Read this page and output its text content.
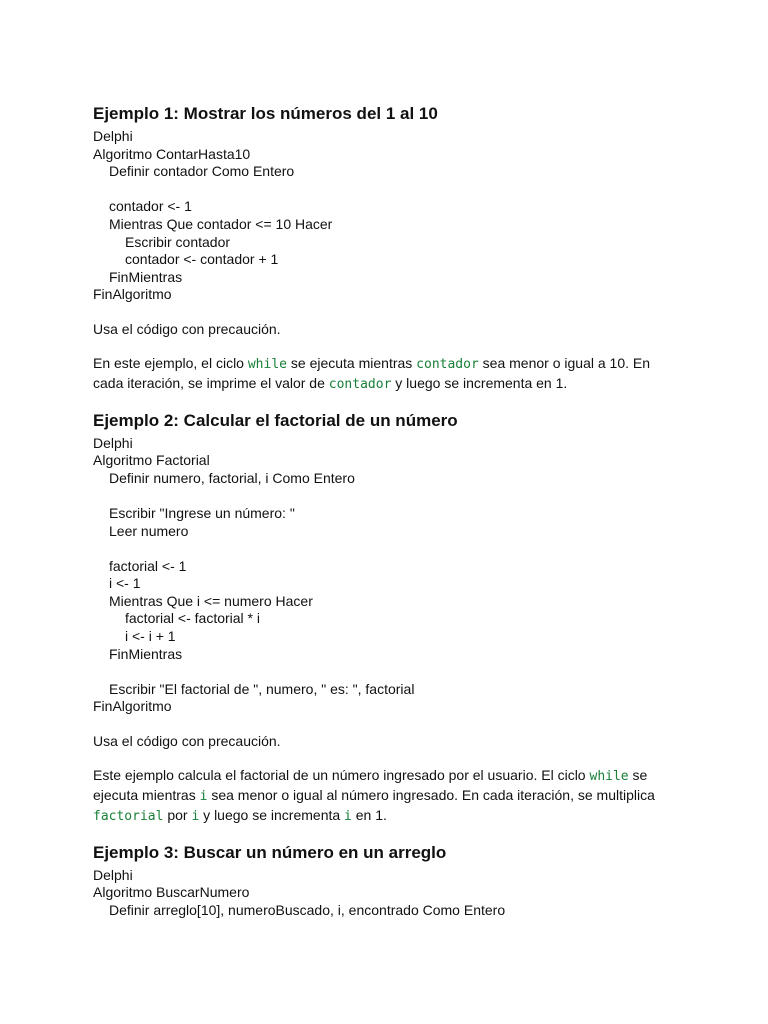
Ejemplo 1: Mostrar los números del 1 al 10
Delphi
Algoritmo ContarHasta10
Definir contador Como Entero
contador <- 1
Mientras Que contador <= 10 Hacer
Escribir contador
contador <- contador + 1
FinMientras
FinAlgoritmo
Usa el código con precaución.
En este ejemplo, el ciclo while se ejecuta mientras contador sea menor o igual a 10. En cada iteración, se imprime el valor de contador y luego se incrementa en 1.
Ejemplo 2: Calcular el factorial de un número
Delphi
Algoritmo Factorial
Definir numero, factorial, i Como Entero
Escribir "Ingrese un número: "
Leer numero
factorial <- 1
i <- 1
Mientras Que i <= numero Hacer
factorial <- factorial * i
i <- i + 1
FinMientras
Escribir "El factorial de ", numero, " es: ", factorial
FinAlgoritmo
Usa el código con precaución.
Este ejemplo calcula el factorial de un número ingresado por el usuario. El ciclo while se ejecuta mientras i sea menor o igual al número ingresado. En cada iteración, se multiplica factorial por i y luego se incrementa i en 1.
Ejemplo 3: Buscar un número en un arreglo
Delphi
Algoritmo BuscarNumero
Definir arreglo[10], numeroBuscado, i, encontrado Como Entero
